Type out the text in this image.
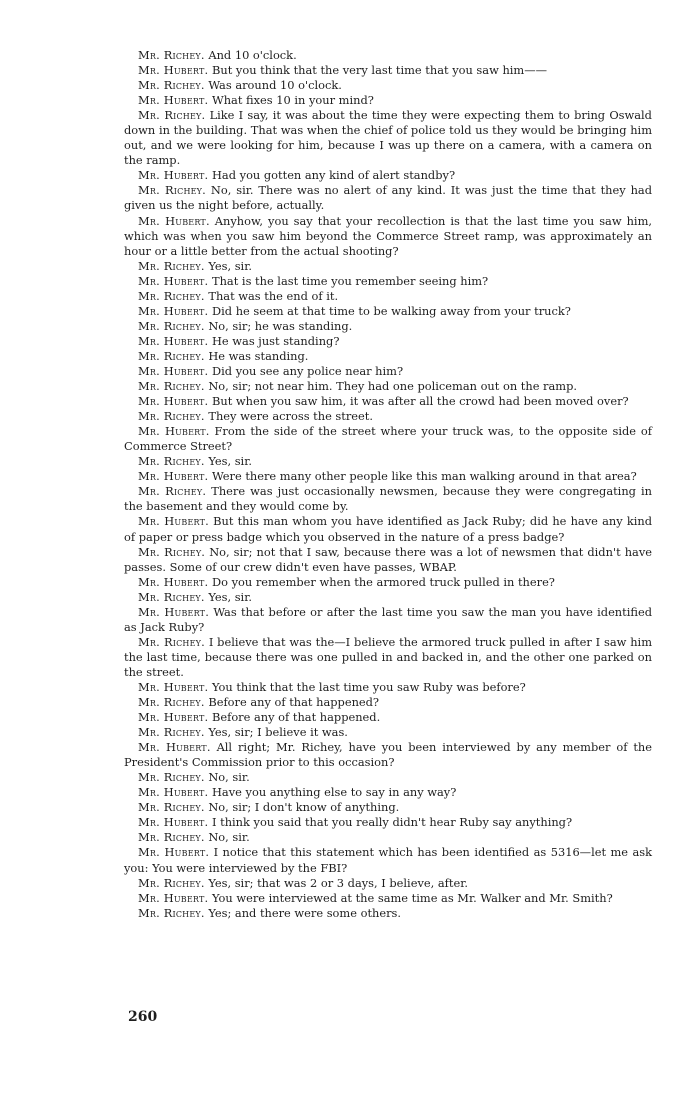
Mr. Richey. And 10 o'clock.

Mr. Hubert. But you think that the very last time that you saw him——

Mr. Richey. Was around 10 o'clock.

Mr. Hubert. What fixes 10 in your mind?

Mr. Richey. Like I say, it was about the time they were expecting them to bring Oswald down in the building. That was when the chief of police told us they would be bringing him out, and we were looking for him, because I was up there on a camera, with a camera on the ramp.

Mr. Hubert. Had you gotten any kind of alert standby?

Mr. Richey. No, sir. There was no alert of any kind. It was just the time that they had given us the night before, actually.

Mr. Hubert. Anyhow, you say that your recollection is that the last time you saw him, which was when you saw him beyond the Commerce Street ramp, was approximately an hour or a little better from the actual shooting?

Mr. Richey. Yes, sir.

Mr. Hubert. That is the last time you remember seeing him?

Mr. Richey. That was the end of it.

Mr. Hubert. Did he seem at that time to be walking away from your truck?

Mr. Richey. No, sir; he was standing.

Mr. Hubert. He was just standing?

Mr. Richey. He was standing.

Mr. Hubert. Did you see any police near him?

Mr. Richey. No, sir; not near him. They had one policeman out on the ramp.

Mr. Hubert. But when you saw him, it was after all the crowd had been moved over?

Mr. Richey. They were across the street.

Mr. Hubert. From the side of the street where your truck was, to the opposite side of Commerce Street?

Mr. Richey. Yes, sir.

Mr. Hubert. Were there many other people like this man walking around in that area?

Mr. Richey. There was just occasionally newsmen, because they were congregating in the basement and they would come by.

Mr. Hubert. But this man whom you have identified as Jack Ruby; did he have any kind of paper or press badge which you observed in the nature of a press badge?

Mr. Richey. No, sir; not that I saw, because there was a lot of newsmen that didn't have passes. Some of our crew didn't even have passes, WBAP.

Mr. Hubert. Do you remember when the armored truck pulled in there?

Mr. Richey. Yes, sir.

Mr. Hubert. Was that before or after the last time you saw the man you have identified as Jack Ruby?

Mr. Richey. I believe that was the—I believe the armored truck pulled in after I saw him the last time, because there was one pulled in and backed in, and the other one parked on the street.

Mr. Hubert. You think that the last time you saw Ruby was before?

Mr. Richey. Before any of that happened?

Mr. Hubert. Before any of that happened.

Mr. Richey. Yes, sir; I believe it was.

Mr. Hubert. All right; Mr. Richey, have you been interviewed by any member of the President's Commission prior to this occasion?

Mr. Richey. No, sir.

Mr. Hubert. Have you anything else to say in any way?

Mr. Richey. No, sir; I don't know of anything.

Mr. Hubert. I think you said that you really didn't hear Ruby say anything?

Mr. Richey. No, sir.

Mr. Hubert. I notice that this statement which has been identified as 5316—let me ask you: You were interviewed by the FBI?

Mr. Richey. Yes, sir; that was 2 or 3 days, I believe, after.

Mr. Hubert. You were interviewed at the same time as Mr. Walker and Mr. Smith?

Mr. Richey. Yes; and there were some others.

260
